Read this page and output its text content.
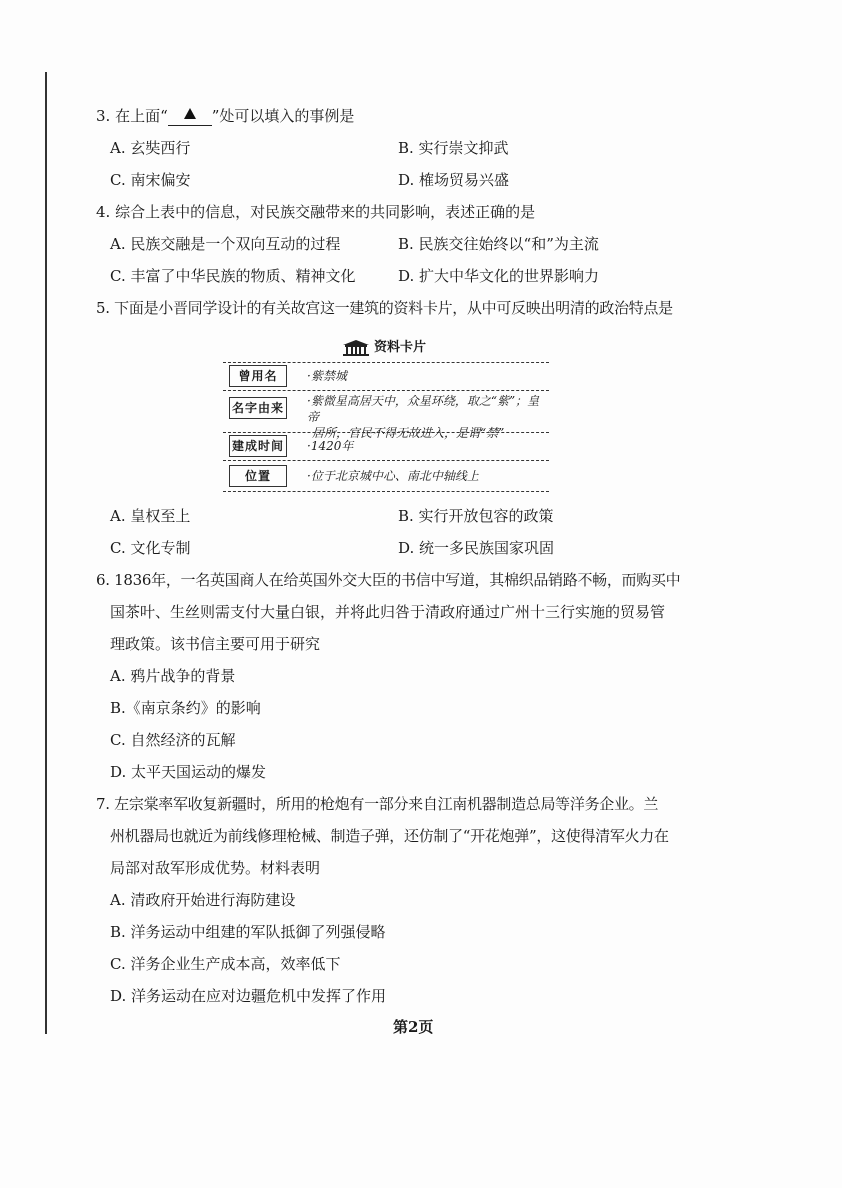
3. 在上面“	”处可以填入的事例是
A. 玄奘西行	B. 实行崇文抑武
C. 南宋偏安	D. 榷场贸易兴盛
4. 综合上表中的信息，对民族交融带来的共同影响，表述正确的是
A. 民族交融是一个双向互动的过程	B. 民族交往始终以“和”为主流
C. 丰富了中华民族的物质、精神文化	D. 扩大中华文化的世界影响力
5. 下面是小晋同学设计的有关故宫这一建筑的资料卡片，从中可反映出明清的政治特点是
资料卡片
曾用名	·紫禁城
名字由来 ·紫微星高居天中，众星环绕，取之“紫”；皇帝
居所，官民不得无故进入，是谓“禁”
建成时间 ·1420年
位置	·位于北京城中心、南北中轴线上
A. 皇权至上	B. 实行开放包容的政策
C. 文化专制	D. 统一多民族国家巩固
6. 1836年，一名英国商人在给英国外交大臣的书信中写道，其棉织品销路不畅，而购买中
国茶叶、生丝则需支付大量白银，并将此归咎于清政府通过广州十三行实施的贸易管
理政策。该书信主要可用于研究
A. 鸦片战争的背景
B.《南京条约》的影响
C. 自然经济的瓦解
D. 太平天国运动的爆发
7. 左宗棠率军收复新疆时，所用的枪炮有一部分来自江南机器制造总局等洋务企业。兰
州机器局也就近为前线修理枪械、制造子弹，还仿制了“开花炮弹”，这使得清军火力在
局部对敌军形成优势。材料表明
A. 清政府开始进行海防建设
B. 洋务运动中组建的军队抵御了列强侵略
C. 洋务企业生产成本高，效率低下
D. 洋务运动在应对边疆危机中发挥了作用
第2页
